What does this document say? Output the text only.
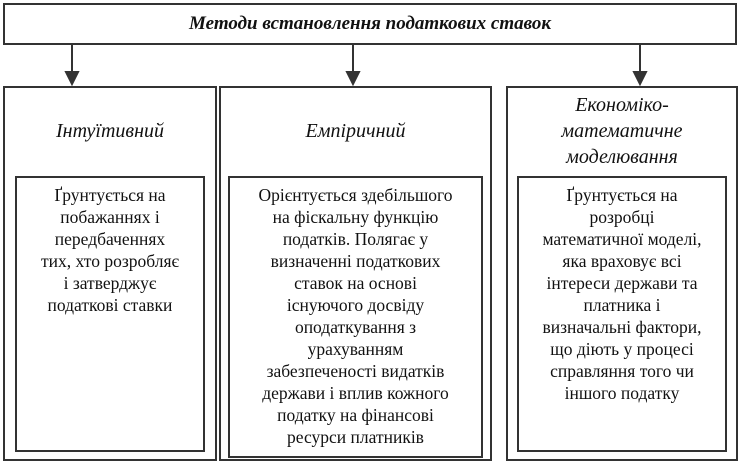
Методи встановлення податкових ставок
Інтуїтивний
Ґрунтується на
побажаннях і
передбаченнях
тих, хто розробляє
і затверджує
податкові ставки
Емпіричний
Орієнтується здебільшого
на фіскальну функцію
податків. Полягає у
визначенні податкових
ставок на основі
існуючого досвіду
оподаткування з
урахуванням
забезпеченості видатків
держави і вплив кожного
податку на фінансові
ресурси платників
Економіко-
математичне
моделювання
Ґрунтується на
розробці
математичної моделі,
яка враховує всі
інтереси держави та
платника і
визначальні фактори,
що діють у процесі
справляння того чи
іншого податку
